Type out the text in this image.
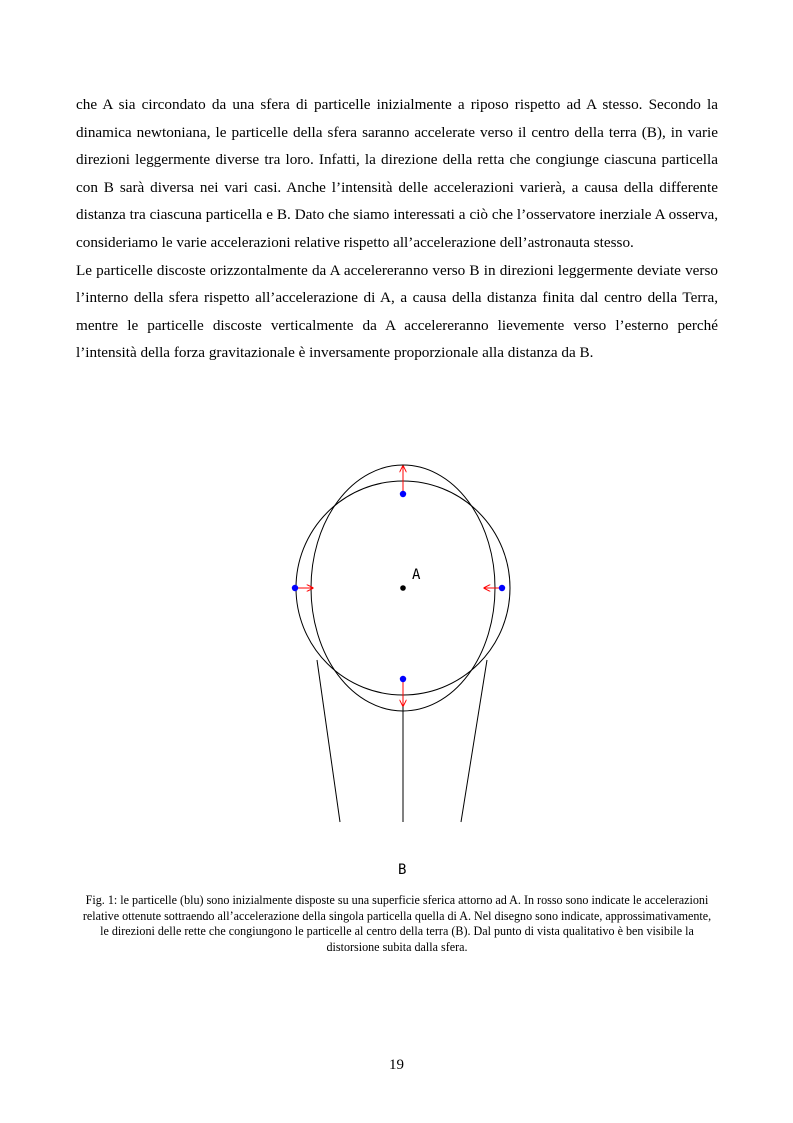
che A sia circondato da una sfera di particelle inizialmente a riposo rispetto ad A stesso. Secondo la dinamica newtoniana, le particelle della sfera saranno accelerate verso il centro della terra (B), in varie direzioni leggermente diverse tra loro. Infatti, la direzione della retta che congiunge ciascuna particella con B sarà diversa nei vari casi. Anche l’intensità delle accelerazioni varierà, a causa della differente distanza tra ciascuna particella e B. Dato che siamo interessati a ciò che l’osservatore inerziale A osserva, consideriamo le varie accelerazioni relative rispetto all’accelerazione dell’astronauta stesso.

Le particelle discoste orizzontalmente da A accelereranno verso B in direzioni leggermente deviate verso l’interno della sfera rispetto all’accelerazione di A, a causa della distanza finita dal centro della Terra, mentre le particelle discoste verticalmente da A accelereranno lievemente verso l’esterno perché l’intensità della forza gravitazionale è inversamente proporzionale alla distanza da B.

A
B
Fig. 1: le particelle (blu) sono inizialmente disposte su una superficie sferica attorno ad A. In rosso sono indicate le accelerazioni relative ottenute sottraendo all’accelerazione della singola particella quella di A. Nel disegno sono indicate, approssimativamente, le direzioni delle rette che congiungono le particelle al centro della terra (B). Dal punto di vista qualitativo è ben visibile la distorsione subita dalla sfera.
19
